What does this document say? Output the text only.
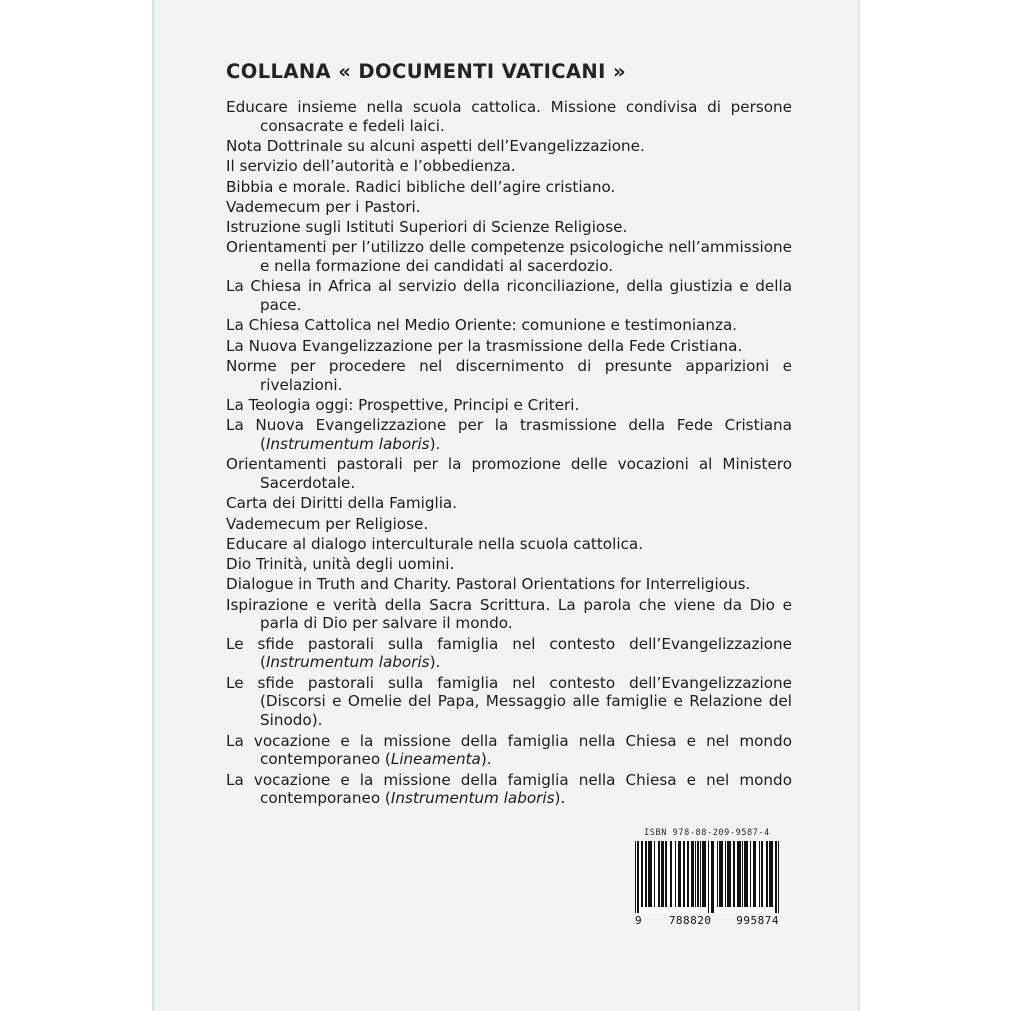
COLLANA « DOCUMENTI VATICANI »
Educare insieme nella scuola cattolica. Missione condivisa di persone consacrate e fedeli laici.
Nota Dottrinale su alcuni aspetti dell’Evangelizzazione.
Il servizio dell’autorità e l’obbedienza.
Bibbia e morale. Radici bibliche dell’agire cristiano.
Vademecum per i Pastori.
Istruzione sugli Istituti Superiori di Scienze Religiose.
Orientamenti per l’utilizzo delle competenze psicologiche nell’ammissione e nella formazione dei candidati al sacerdozio.
La Chiesa in Africa al servizio della riconciliazione, della giustizia e della pace.
La Chiesa Cattolica nel Medio Oriente: comunione e testimonianza.
La Nuova Evangelizzazione per la trasmissione della Fede Cristiana.
Norme per procedere nel discernimento di presunte apparizioni e rivelazioni.
La Teologia oggi: Prospettive, Principi e Criteri.
La Nuova Evangelizzazione per la trasmissione della Fede Cristiana (Instrumentum laboris).
Orientamenti pastorali per la promozione delle vocazioni al Ministero Sacerdotale.
Carta dei Diritti della Famiglia.
Vademecum per Religiose.
Educare al dialogo interculturale nella scuola cattolica.
Dio Trinità, unità degli uomini.
Dialogue in Truth and Charity. Pastoral Orientations for Interreligious.
Ispirazione e verità della Sacra Scrittura. La parola che viene da Dio e parla di Dio per salvare il mondo.
Le sfide pastorali sulla famiglia nel contesto dell’Evangelizzazione (Instrumentum laboris).
Le sfide pastorali sulla famiglia nel contesto dell’Evangelizzazione (Discorsi e Omelie del Papa, Messaggio alle famiglie e Relazione del Sinodo).
La vocazione e la missione della famiglia nella Chiesa e nel mondo contemporaneo (Lineamenta).
La vocazione e la missione della famiglia nella Chiesa e nel mondo contemporaneo (Instrumentum laboris).
ISBN 978-88-209-9587-4
9 788820 995874
